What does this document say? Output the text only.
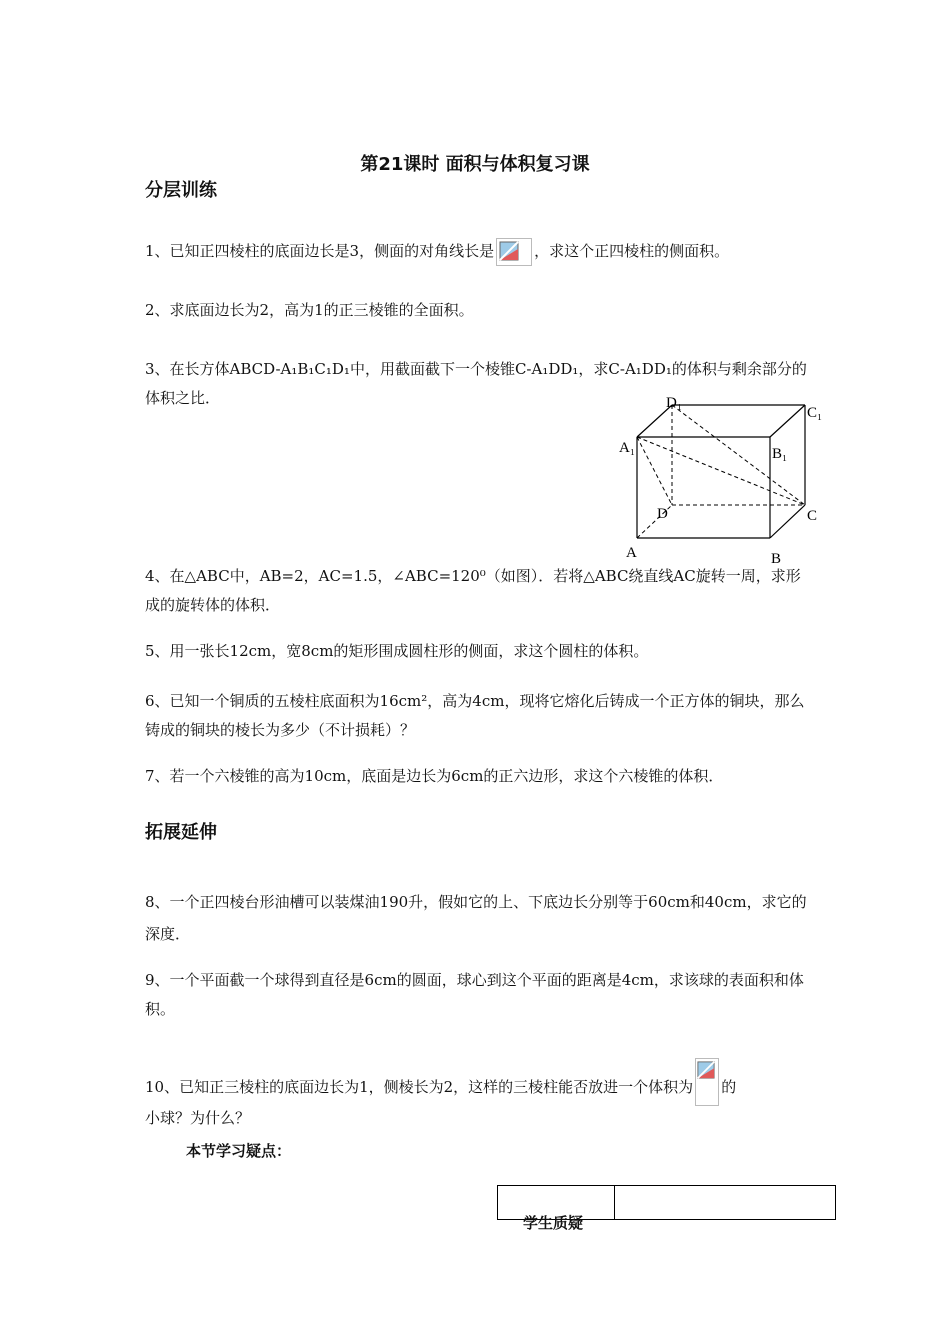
第21课时 面积与体积复习课
分层训练
1、已知正四棱柱的底面边长是3，侧面的对角线长是	，求这个正四棱柱的侧面积。
2、求底面边长为2，高为1的正三棱锥的全面积。
3、在长方体ABCD-A₁B₁C₁D₁中，用截面截下一个棱锥C-A₁DD₁，求C-A₁DD₁的体积与剩余部分的体积之比．	D₁
C₁
A₁	B₁
D	C
A	B
4、在△ABC中，AB=2，AC=1.5，∠ABC=120⁰（如图）．若将△ABC绕直线AC旋转一周，求形成的旋转体的体积．
5、用一张长12cm，宽8cm的矩形围成圆柱形的侧面，求这个圆柱的体积。
6、已知一个铜质的五棱柱底面积为16cm²，高为4cm，现将它熔化后铸成一个正方体的铜块，那么铸成的铜块的棱长为多少（不计损耗）？
7、若一个六棱锥的高为10cm，底面是边长为6cm的正六边形，求这个六棱锥的体积．
拓展延伸
8、一个正四棱台形油槽可以装煤油190升，假如它的上、下底边长分别等于60cm和40cm，求它的深度．
9、一个平面截一个球得到直径是6cm的圆面，球心到这个平面的距离是4cm，求该球的表面积和体积。
10、已知正三棱柱的底面边长为1，侧棱长为2，这样的三棱柱能否放进一个体积为 的
小球？为什么？
本节学习疑点：

学生质疑
